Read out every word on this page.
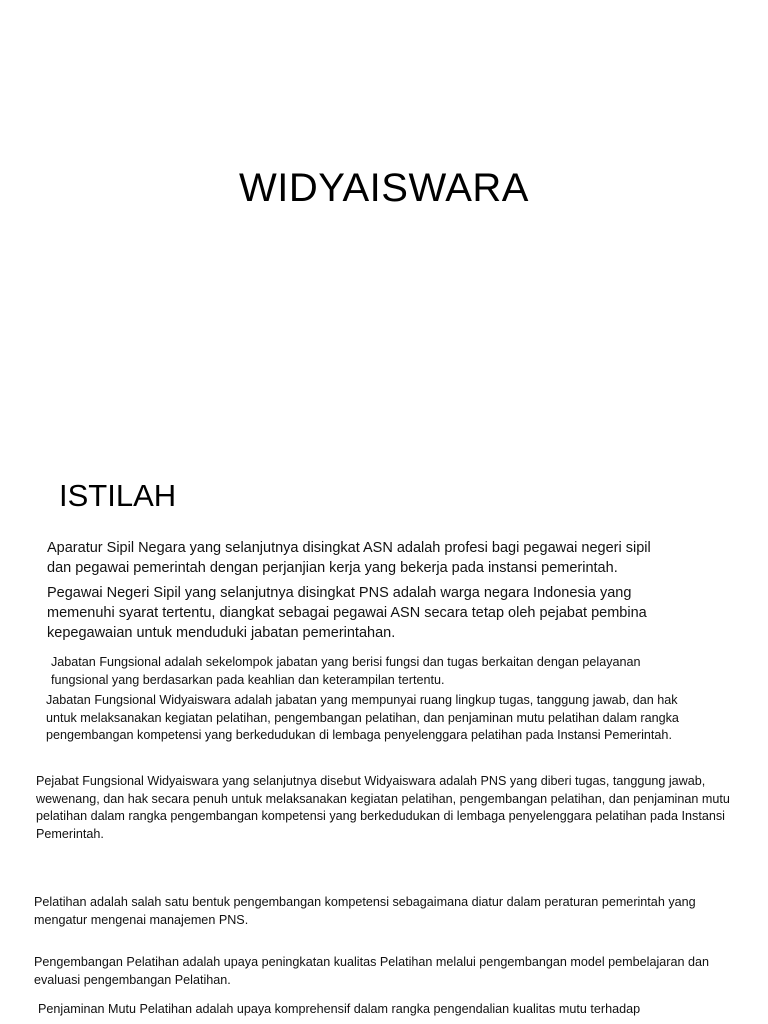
WIDYAISWARA
ISTILAH

Aparatur Sipil Negara yang selanjutnya disingkat ASN adalah profesi bagi pegawai negeri sipil dan pegawai pemerintah dengan perjanjian kerja yang bekerja pada instansi pemerintah.

Pegawai Negeri Sipil yang selanjutnya disingkat PNS adalah warga negara Indonesia yang memenuhi syarat tertentu, diangkat sebagai pegawai ASN secara tetap oleh pejabat pembina kepegawaian untuk menduduki jabatan pemerintahan.

Jabatan Fungsional adalah sekelompok jabatan yang berisi fungsi dan tugas berkaitan dengan pelayanan fungsional yang berdasarkan pada keahlian dan keterampilan tertentu.

Jabatan Fungsional Widyaiswara adalah jabatan yang mempunyai ruang lingkup tugas, tanggung jawab, dan hak untuk melaksanakan kegiatan pelatihan, pengembangan pelatihan, dan penjaminan mutu pelatihan dalam rangka pengembangan kompetensi yang berkedudukan di lembaga penyelenggara pelatihan pada Instansi Pemerintah.

Pejabat Fungsional Widyaiswara yang selanjutnya disebut Widyaiswara adalah PNS yang diberi tugas, tanggung jawab, wewenang, dan hak secara penuh untuk melaksanakan kegiatan pelatihan, pengembangan pelatihan, dan penjaminan mutu pelatihan dalam rangka pengembangan kompetensi yang berkedudukan di lembaga penyelenggara pelatihan pada Instansi Pemerintah.

Pelatihan adalah salah satu bentuk pengembangan kompetensi sebagaimana diatur dalam peraturan pemerintah yang mengatur mengenai manajemen PNS.

Pengembangan Pelatihan adalah upaya peningkatan kualitas Pelatihan melalui pengembangan model pembelajaran dan evaluasi pengembangan Pelatihan.

Penjaminan Mutu Pelatihan adalah upaya komprehensif dalam rangka pengendalian kualitas mutu terhadap
